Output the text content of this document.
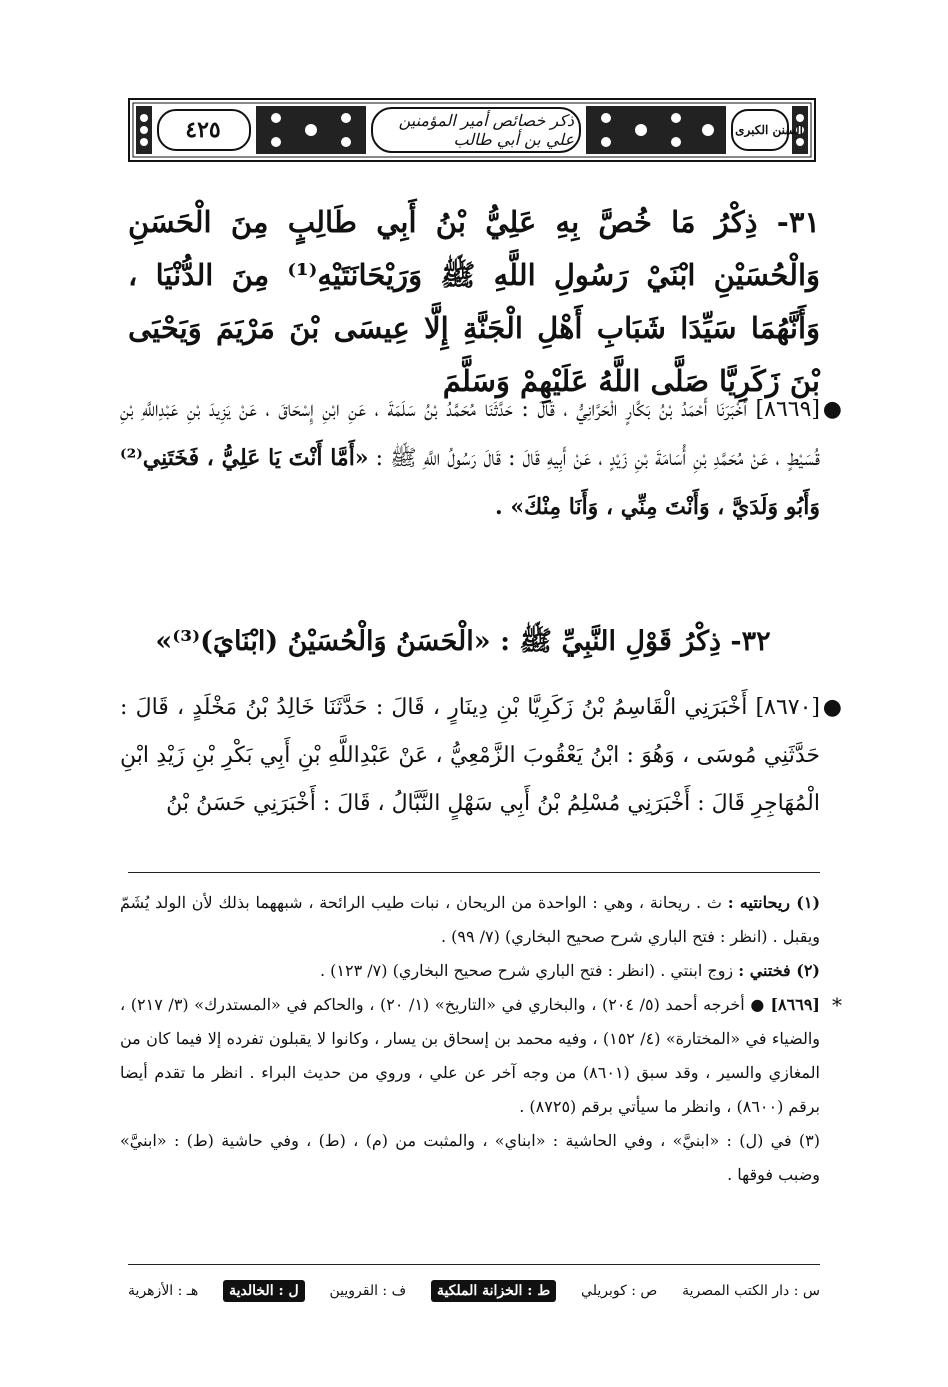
ذكر خصائص أمير المؤمنين علي بن أبي طالب
٤٢٥	السنن الكبرى
٣١- ذِكْرُ مَا خُصَّ بِهِ عَلِيُّ بْنُ أَبِي طَالِبٍ مِنَ الْحَسَنِ وَالْحُسَيْنِ ابْنَيْ رَسُولِ اللَّهِ ﷺ وَرَيْحَانَتَيْهِ⁽¹⁾ مِنَ الدُّنْيَا ، وَأَنَّهُمَا سَيِّدَا شَبَابِ أَهْلِ الْجَنَّةِ إِلَّا عِيسَى بْنَ مَرْيَمَ وَيَحْيَى بْنَ زَكَرِيَّا صَلَّى اللَّهُ عَلَيْهِمْ وَسَلَّمَ
●
[٨٦٦٩] أَخْبَرَنَا أَحْمَدُ بْنُ بَكَّارٍ الْحَرَّانِيُّ ، قَالَ : حَدَّثَنَا مُحَمَّدُ بْنُ سَلَمَةَ ، عَنِ ابْنِ إِسْحَاقَ ، عَنْ يَزِيدَ بْنِ عَبْدِاللَّهِ بْنِ قُسَيْطٍ ، عَنْ مُحَمَّدِ بْنِ أُسَامَةَ بْنِ زَيْدٍ ، عَنْ أَبِيهِ قَالَ : قَالَ رَسُولُ اللَّهِ ﷺ : «أَمَّا أَنْتَ يَا عَلِيُّ ، فَخَتَنِي⁽²⁾ وَأَبُو وَلَدَيَّ ، وَأَنْتَ مِنِّي ، وَأَنَا مِنْكَ» .
٣٢- ذِكْرُ قَوْلِ النَّبِيِّ ﷺ : «الْحَسَنُ وَالْحُسَيْنُ (ابْنَايَ)⁽³⁾»
●
[٨٦٧٠] أَخْبَرَنِي الْقَاسِمُ بْنُ زَكَرِيَّا بْنِ دِينَارٍ ، قَالَ : حَدَّثَنَا خَالِدُ بْنُ مَخْلَدٍ ، قَالَ : حَدَّثَنِي مُوسَى ، وَهُوَ : ابْنُ يَعْقُوبَ الزَّمْعِيُّ ، عَنْ عَبْدِاللَّهِ بْنِ أَبِي بَكْرِ بْنِ زَيْدِ ابْنِ الْمُهَاجِرِ قَالَ : أَخْبَرَنِي مُسْلِمُ بْنُ أَبِي سَهْلٍ النَّبَّالُ ، قَالَ : أَخْبَرَنِي حَسَنُ بْنُ
(١) ريحانتيه : ث . ريحانة ، وهي : الواحدة من الريحان ، نبات طيب الرائحة ، شبههما بذلك لأن الولد يُشَمّ ويقبل . (انظر : فتح الباري شرح صحيح البخاري) (٧/ ٩٩) .
(٢) فختني : زوج ابنتي . (انظر : فتح الباري شرح صحيح البخاري) (٧/ ١٢٣) .
*
[٨٦٦٩] ● أخرجه أحمد (٥/ ٢٠٤) ، والبخاري في «التاريخ» (١/ ٢٠) ، والحاكم في «المستدرك» (٣/ ٢١٧) ، والضياء في «المختارة» (٤/ ١٥٢) ، وفيه محمد بن إسحاق بن يسار ، وكانوا لا يقبلون تفرده إلا فيما كان من المغازي والسير ، وقد سبق (٨٦٠١) من وجه آخر عن علي ، وروي من حديث البراء . انظر ما تقدم أيضا برقم (٨٦٠٠) ، وانظر ما سيأتي برقم (٨٧٢٥) .
(٣) في (ل) : «ابنيَّ» ، وفي الحاشية : «ابناي» ، والمثبت من (م) ، (ط) ، وفي حاشية (ط) : «ابنيَّ» وضبب فوقها .
س : دار الكتب المصرية
ص : كوبريلي
ط : الخزانة الملكية
ف : القرويين
ل : الخالدية
هـ : الأزهرية
